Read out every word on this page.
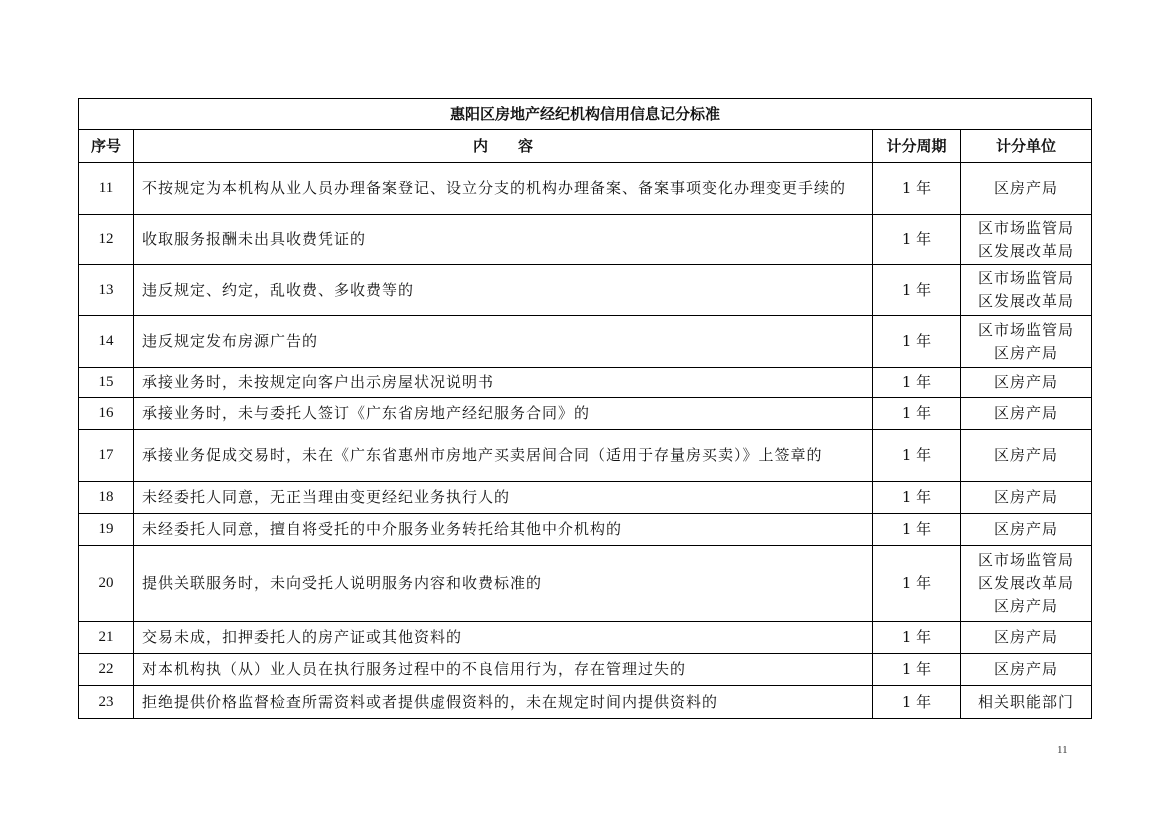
惠阳区房地产经纪机构信用信息记分标准			
序号	内　　容	计分周期	计分单位
11	不按规定为本机构从业人员办理备案登记、设立分支的机构办理备案、备案事项变化办理变更手续的	1 年	区房产局

12	收取服务报酬未出具收费凭证的	1 年	区市场监管局
区发展改革局

13	违反规定、约定，乱收费、多收费等的	1 年	区市场监管局
区发展改革局

14	违反规定发布房源广告的	1 年	区市场监管局
区房产局

15	承接业务时，未按规定向客户出示房屋状况说明书	1 年	区房产局

16	承接业务时，未与委托人签订《广东省房地产经纪服务合同》的	1 年	区房产局

17	承接业务促成交易时，未在《广东省惠州市房地产买卖居间合同（适用于存量房买卖）》上签章的	1 年	区房产局

18	未经委托人同意，无正当理由变更经纪业务执行人的	1 年	区房产局

19	未经委托人同意，擅自将受托的中介服务业务转托给其他中介机构的	1 年	区房产局

20	提供关联服务时，未向受托人说明服务内容和收费标准的	1 年	区市场监管局
区发展改革局
区房产局

21	交易未成，扣押委托人的房产证或其他资料的	1 年	区房产局

22	对本机构执（从）业人员在执行服务过程中的不良信用行为，存在管理过失的	1 年	区房产局

23	拒绝提供价格监督检查所需资料或者提供虚假资料的，未在规定时间内提供资料的	1 年	相关职能部门
11
